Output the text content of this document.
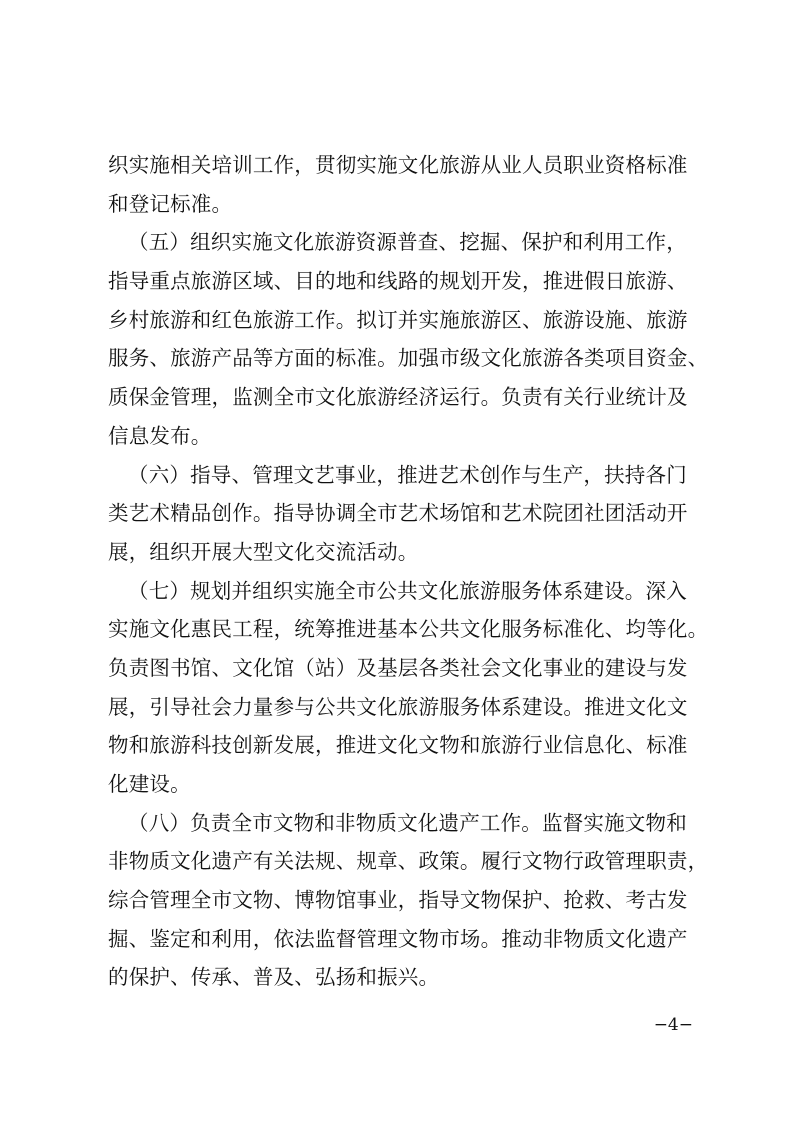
织实施相关培训工作，贯彻实施文化旅游从业人员职业资格标准
和登记标准。
（五）组织实施文化旅游资源普查、挖掘、保护和利用工作，
指导重点旅游区域、目的地和线路的规划开发，推进假日旅游、
乡村旅游和红色旅游工作。拟订并实施旅游区、旅游设施、旅游
服务、旅游产品等方面的标准。加强市级文化旅游各类项目资金、
质保金管理，监测全市文化旅游经济运行。负责有关行业统计及
信息发布。
（六）指导、管理文艺事业，推进艺术创作与生产，扶持各门
类艺术精品创作。指导协调全市艺术场馆和艺术院团社团活动开
展，组织开展大型文化交流活动。
（七）规划并组织实施全市公共文化旅游服务体系建设。深入
实施文化惠民工程，统筹推进基本公共文化服务标准化、均等化。
负责图书馆、文化馆（站）及基层各类社会文化事业的建设与发
展，引导社会力量参与公共文化旅游服务体系建设。推进文化文
物和旅游科技创新发展，推进文化文物和旅游行业信息化、标准
化建设。
（八）负责全市文物和非物质文化遗产工作。监督实施文物和
非物质文化遗产有关法规、规章、政策。履行文物行政管理职责，
综合管理全市文物、博物馆事业，指导文物保护、抢救、考古发
掘、鉴定和利用，依法监督管理文物市场。推动非物质文化遗产
的保护、传承、普及、弘扬和振兴。
−4−
